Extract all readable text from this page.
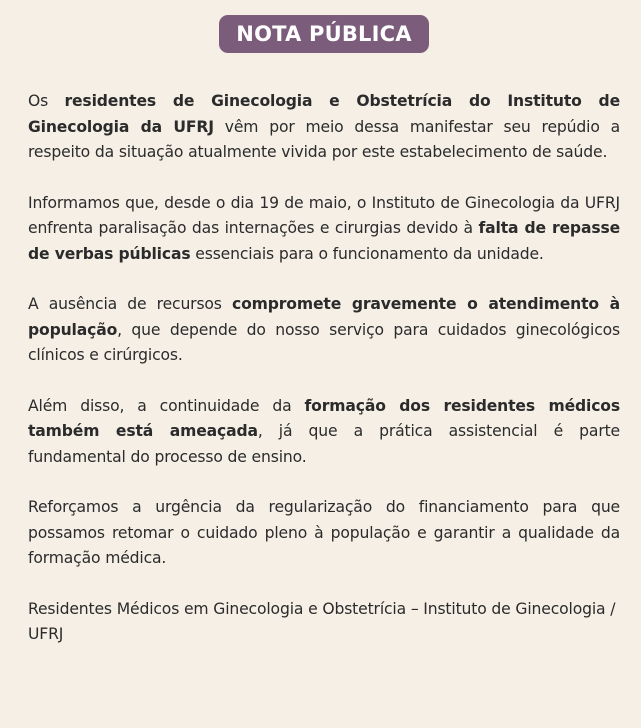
NOTA PÚBLICA

Os residentes de Ginecologia e Obstetrícia do Instituto de Ginecologia da UFRJ vêm por meio dessa manifestar seu repúdio a respeito da situação atualmente vivida por este estabelecimento de saúde.

Informamos que, desde o dia 19 de maio, o Instituto de Ginecologia da UFRJ enfrenta paralisação das internações e cirurgias devido à falta de repasse de verbas públicas essenciais para o funcionamento da unidade.

A ausência de recursos compromete gravemente o atendimento à população, que depende do nosso serviço para cuidados ginecológicos clínicos e cirúrgicos.

Além disso, a continuidade da formação dos residentes médicos também está ameaçada, já que a prática assistencial é parte fundamental do processo de ensino.

Reforçamos a urgência da regularização do financiamento para que possamos retomar o cuidado pleno à população e garantir a qualidade da formação médica.

Residentes Médicos em Ginecologia e Obstetrícia – Instituto de Ginecologia / UFRJ
